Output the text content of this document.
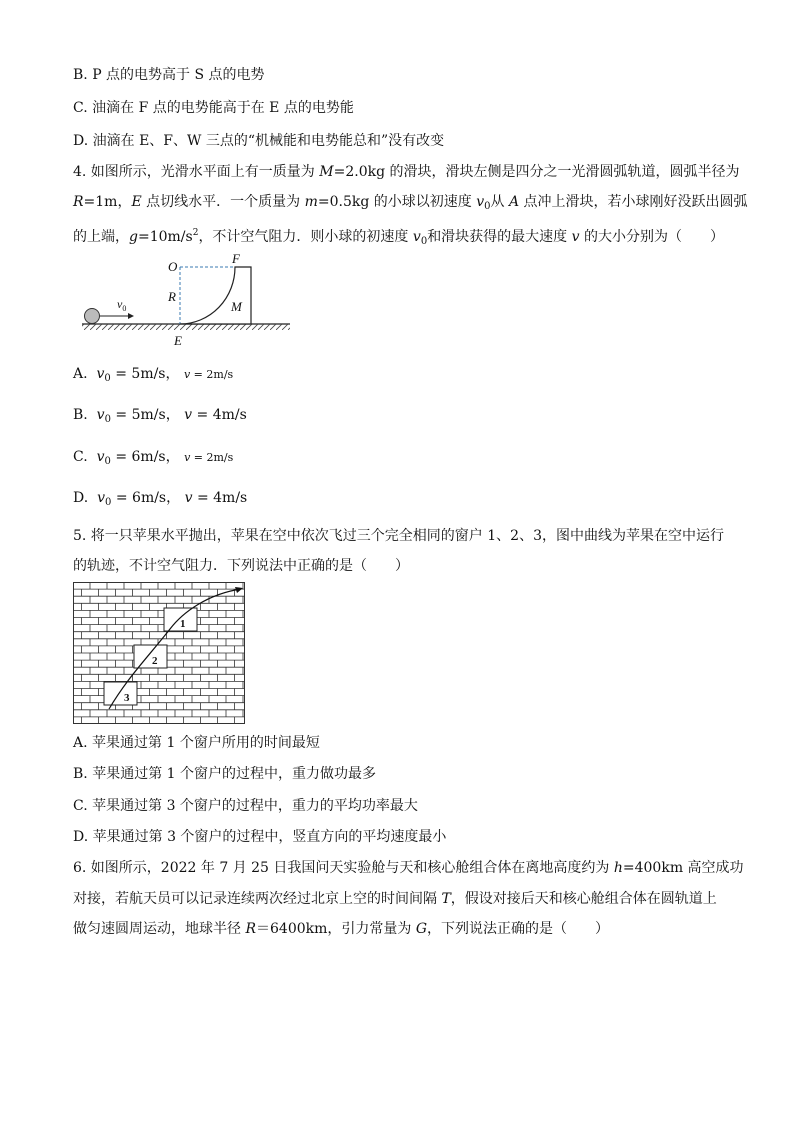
B. P 点的电势高于 S 点的电势
C. 油滴在 F 点的电势能高于在 E 点的电势能
D. 油滴在 E、F、W 三点的“机械能和电势能总和”没有改变
4. 如图所示，光滑水平面上有一质量为 M=2.0kg 的滑块，滑块左侧是四分之一光滑圆弧轨道，圆弧半径为
R=1m，E 点切线水平．一个质量为 m=0.5kg 的小球以初速度 $v_0$从 A 点冲上滑块，若小球刚好没跃出圆弧
的上端，$g=10m/s^2$，不计空气阻力．则小球的初速度 $v_0$和滑块获得的最大速度 v 的大小分别为（　　）
O
F
R
M
E
$v_0$
A. $v_0 = 5m/s$， v = 2m/s
B. $v_0 = 5m/s$， v = 4m/s
C. $v_0 = 6m/s$， v = 2m/s
D. $v_0 = 6m/s$， v = 4m/s
5. 将一只苹果水平抛出，苹果在空中依次飞过三个完全相同的窗户 1、2、3，图中曲线为苹果在空中运行
的轨迹，不计空气阻力．下列说法中正确的是（　　）
1
2
3
A. 苹果通过第 1 个窗户所用的时间最短
B. 苹果通过第 1 个窗户的过程中，重力做功最多
C. 苹果通过第 3 个窗户的过程中，重力的平均功率最大
D. 苹果通过第 3 个窗户的过程中，竖直方向的平均速度最小
6. 如图所示，2022 年 7 月 25 日我国问天实验舱与天和核心舱组合体在离地高度约为 h=400km 高空成功
对接，若航天员可以记录连续两次经过北京上空的时间间隔 T，假设对接后天和核心舱组合体在圆轨道上
做匀速圆周运动，地球半径 R＝6400km，引力常量为 G，下列说法正确的是（　　）
